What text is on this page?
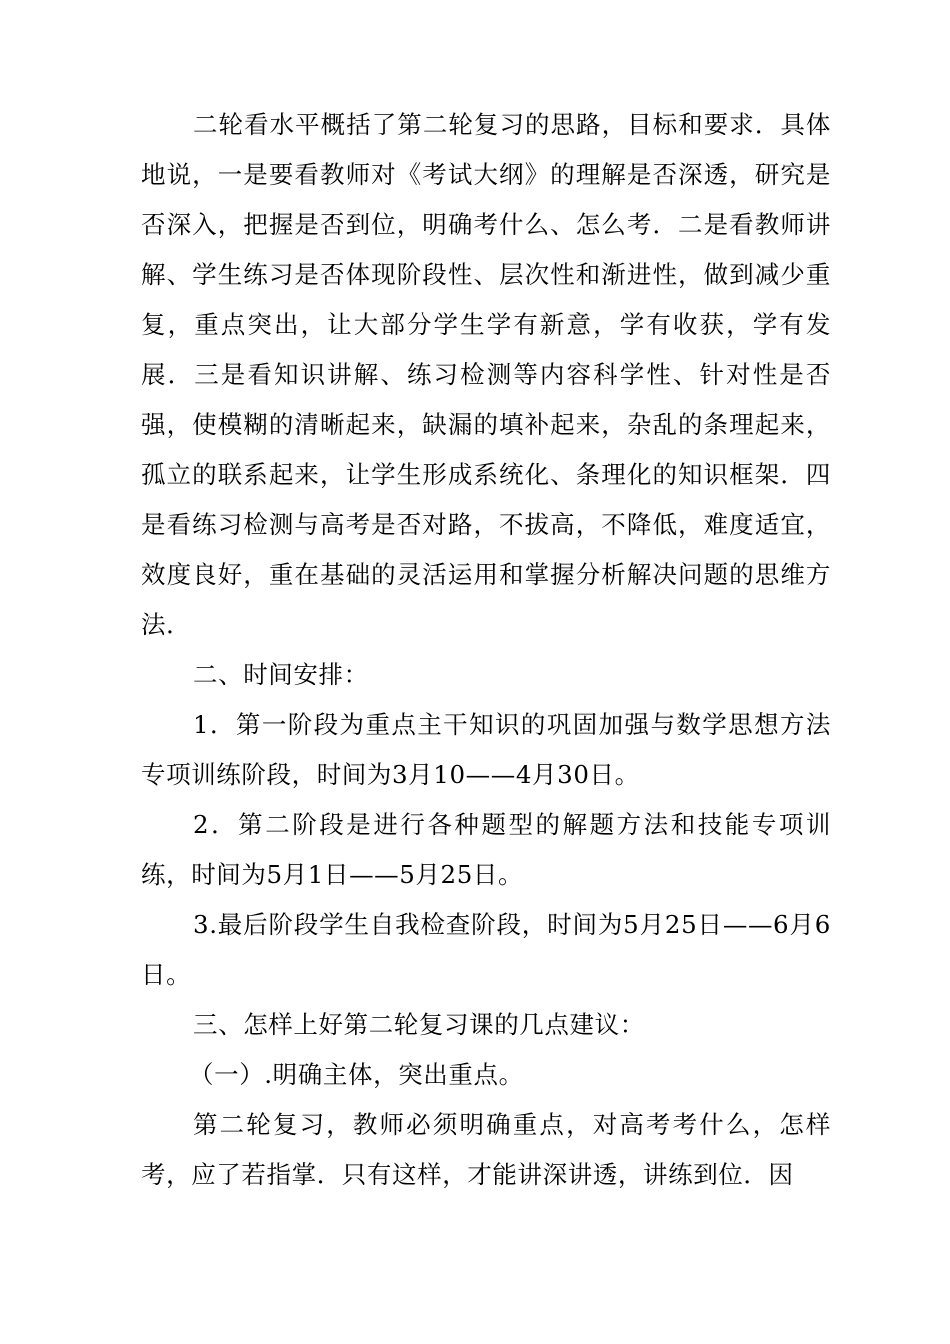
二轮看水平概括了第二轮复习的思路，目标和要求．具体地说，一是要看教师对《考试大纲》的理解是否深透，研究是否深入，把握是否到位，明确考什么、怎么考．二是看教师讲解、学生练习是否体现阶段性、层次性和渐进性，做到减少重复，重点突出，让大部分学生学有新意，学有收获，学有发展．三是看知识讲解、练习检测等内容科学性、针对性是否强，使模糊的清晰起来，缺漏的填补起来，杂乱的条理起来，孤立的联系起来，让学生形成系统化、条理化的知识框架．四是看练习检测与高考是否对路，不拔高，不降低，难度适宜，效度良好，重在基础的灵活运用和掌握分析解决问题的思维方法．

二、时间安排：

1．第一阶段为重点主干知识的巩固加强与数学思想方法专项训练阶段，时间为3月10——4月30日。

2．第二阶段是进行各种题型的解题方法和技能专项训练，时间为5月1日——5月25日。

3.最后阶段学生自我检查阶段，时间为5月25日——6月6日。

三、怎样上好第二轮复习课的几点建议：

（一）.明确主体，突出重点。

第二轮复习，教师必须明确重点，对高考考什么，怎样考，应了若指掌．只有这样，才能讲深讲透，讲练到位．因
